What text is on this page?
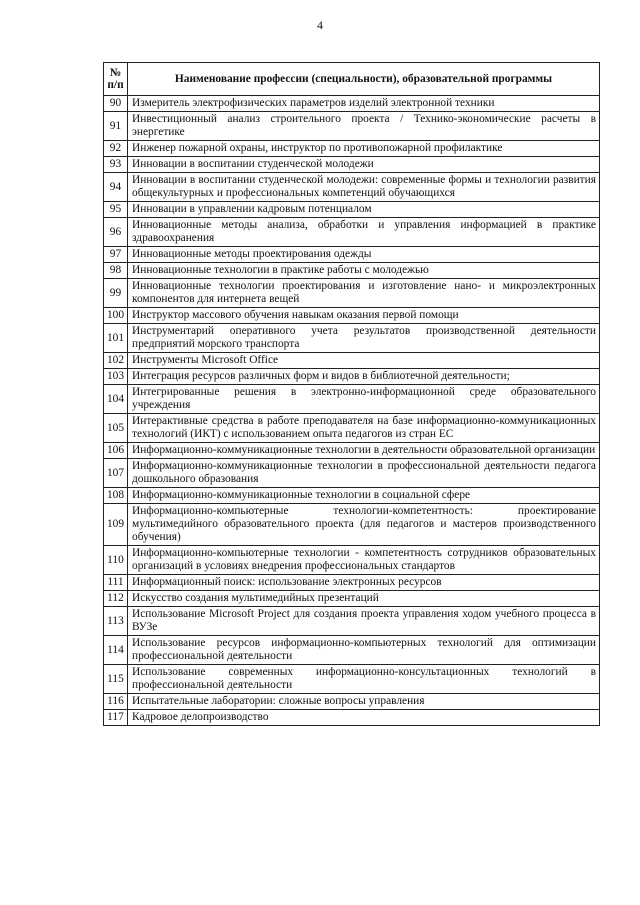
4
№
п/п	Наименование профессии (специальности), образовательной программы
90	Измеритель электрофизических параметров изделий электронной техники
91	Инвестиционный анализ строительного проекта / Технико-экономические расчеты в энергетике
92	Инженер пожарной охраны, инструктор по противопожарной профилактике
93	Инновации в воспитании студенческой молодежи
94	Инновации в воспитании студенческой молодежи: современные формы и технологии развития общекультурных и профессиональных компетенций обучающихся
95	Инновации в управлении кадровым потенциалом
96	Инновационные методы анализа, обработки и управления информацией в практике здравоохранения
97	Инновационные методы проектирования одежды
98	Инновационные технологии в практике работы с молодежью
99	Инновационные технологии проектирования и изготовление нано- и микроэлектронных компонентов для интернета вещей
100	Инструктор массового обучения навыкам оказания первой помощи
101	Инструментарий оперативного учета результатов производственной деятельности предприятий морского транспорта
102	Инструменты Microsoft Office
103	Интеграция ресурсов различных форм и видов в библиотечной деятельности;
104	Интегрированные решения в электронно-информационной среде образовательного учреждения
105	Интерактивные средства в работе преподавателя на базе информационно-коммуникационных технологий (ИКТ) с использованием опыта педагогов из стран ЕС
106	Информационно-коммуникационные технологии в деятельности образовательной организации
107	Информационно-коммуникационные технологии в профессиональной деятельности педагога дошкольного образования
108	Информационно-коммуникационные технологии в социальной сфере
109	Информационно-компьютерные технологии-компетентность: проектирование мультимедийного образовательного проекта (для педагогов и мастеров производственного обучения)
110	Информационно-компьютерные технологии - компетентность сотрудников образовательных организаций в условиях внедрения профессиональных стандартов
111	Информационный поиск: использование электронных ресурсов
112	Искусство создания мультимедийных презентаций
113	Использование Microsoft Project для создания проекта управления ходом учебного процесса в ВУЗе
114	Использование ресурсов информационно-компьютерных технологий для оптимизации профессиональной деятельности
115	Использование современных информационно-консультационных технологий в профессиональной деятельности
116	Испытательные лаборатории: сложные вопросы управления
117	Кадровое делопроизводство
